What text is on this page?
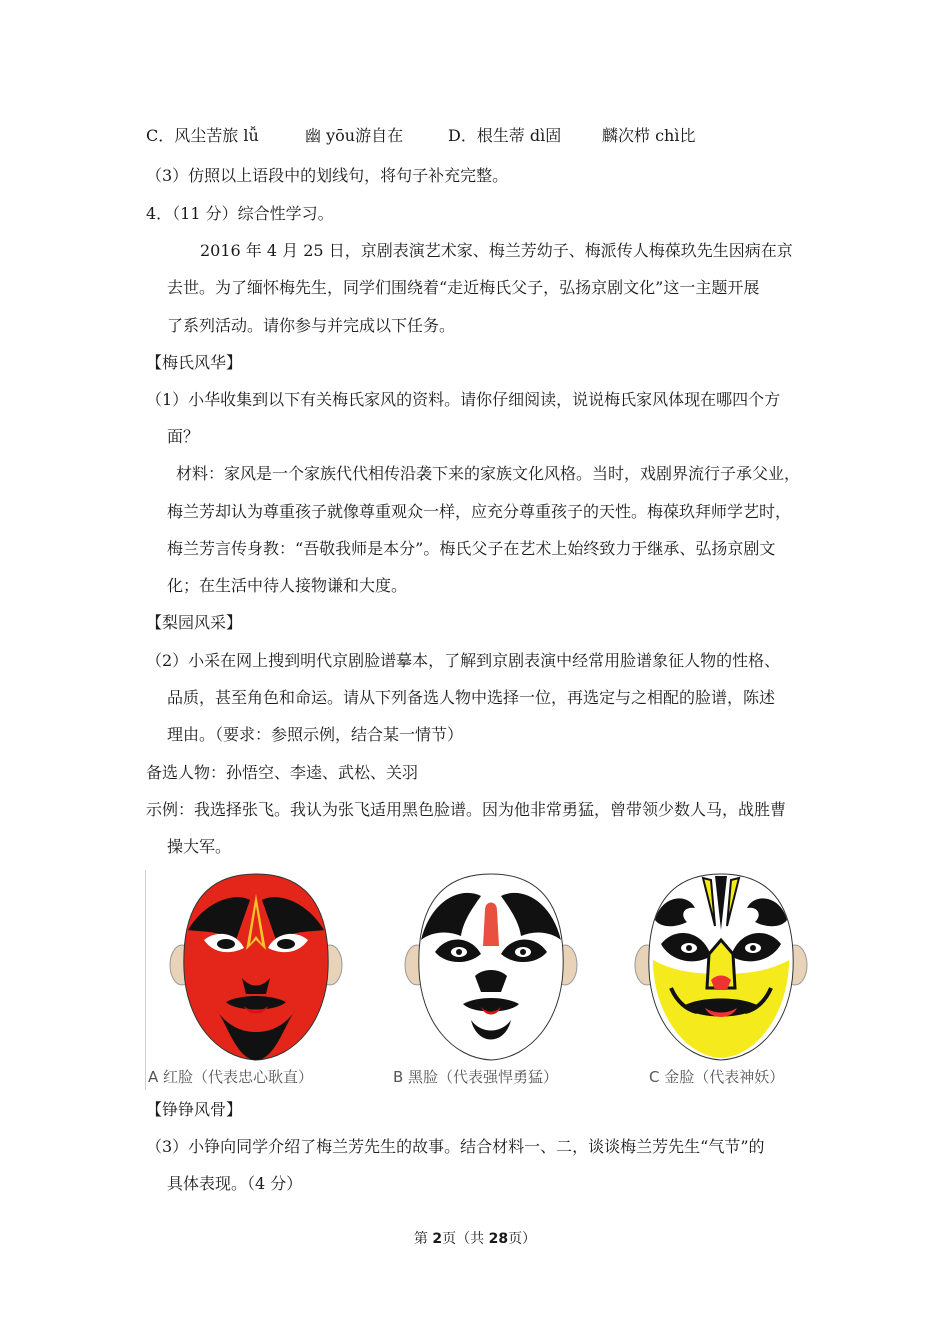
C．风尘苦旅 lǚ	幽 yōu游自在	D．根生蒂 dì固	麟次栉 chì比
（3）仿照以上语段中的划线句，将句子补充完整。
4．（11 分）综合性学习。
2016 年 4 月 25 日，京剧表演艺术家、梅兰芳幼子、梅派传人梅葆玖先生因病在京
去世。为了缅怀梅先生，同学们围绕着“走近梅氏父子，弘扬京剧文化”这一主题开展
了系列活动。请你参与并完成以下任务。
【梅氏风华】
（1）小华收集到以下有关梅氏家风的资料。请你仔细阅读，说说梅氏家风体现在哪四个方
面？
材料：家风是一个家族代代相传沿袭下来的家族文化风格。当时，戏剧界流行子承父业，
梅兰芳却认为尊重孩子就像尊重观众一样，应充分尊重孩子的天性。梅葆玖拜师学艺时，
梅兰芳言传身教：“吾敬我师是本分”。梅氏父子在艺术上始终致力于继承、弘扬京剧文
化；在生活中待人接物谦和大度。
【梨园风采】
（2）小采在网上搜到明代京剧脸谱摹本，了解到京剧表演中经常用脸谱象征人物的性格、
品质，甚至角色和命运。请从下列备选人物中选择一位，再选定与之相配的脸谱，陈述
理由。（要求：参照示例，结合某一情节）
备选人物：孙悟空、李逵、武松、关羽
示例：我选择张飞。我认为张飞适用黑色脸谱。因为他非常勇猛，曾带领少数人马，战胜曹
操大军。
A 红脸（代表忠心耿直）	B 黑脸（代表强悍勇猛）	C 金脸（代表神妖）
【铮铮风骨】
（3）小铮向同学介绍了梅兰芳先生的故事。结合材料一、二，谈谈梅兰芳先生“气节”的
具体表现。（4 分）
第 2页（共 28页）
